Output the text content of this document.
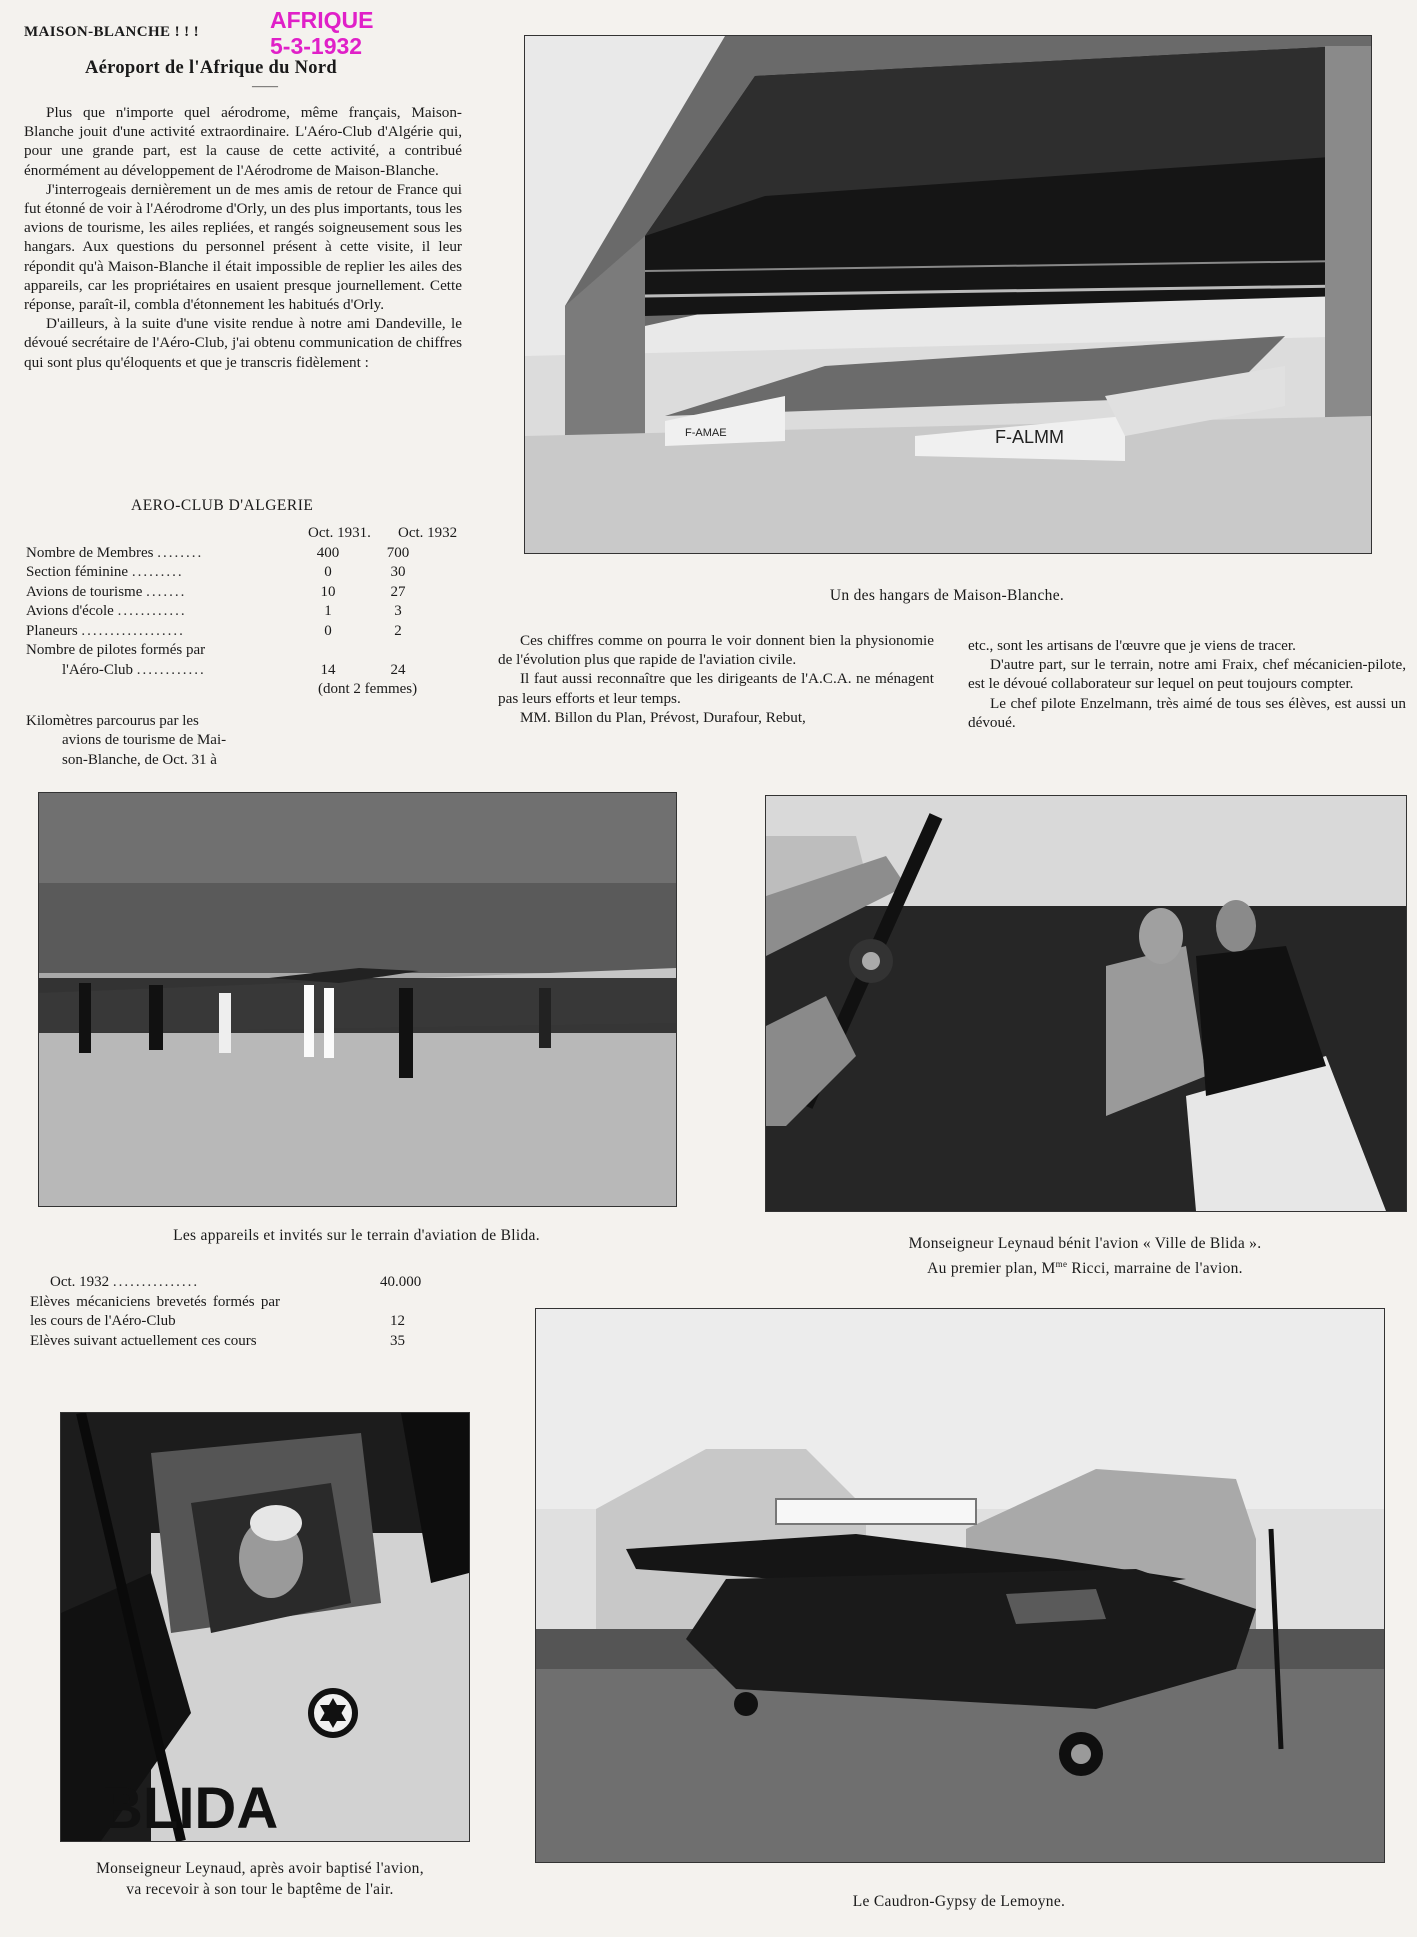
AFRIQUE
5-3-1932
MAISON-BLANCHE ! ! !
Aéroport de l'Afrique du Nord
——

Plus que n'importe quel aérodrome, même français, Maison-Blanche jouit d'une activité extraordinaire. L'Aéro-Club d'Algérie qui, pour une grande part, est la cause de cette activité, a contribué énormément au développement de l'Aérodrome de Maison-Blanche.

J'interrogeais dernièrement un de mes amis de retour de France qui fut étonné de voir à l'Aérodrome d'Orly, un des plus importants, tous les avions de tourisme, les ailes repliées, et rangés soigneusement sous les hangars. Aux questions du personnel présent à cette visite, il leur répondit qu'à Maison-Blanche il était impossible de replier les ailes des appareils, car les propriétaires en usaient presque journellement. Cette réponse, paraît-il, combla d'étonnement les habitués d'Orly.

D'ailleurs, à la suite d'une visite rendue à notre ami Dandeville, le dévoué secrétaire de l'Aéro-Club, j'ai obtenu communication de chiffres qui sont plus qu'éloquents et que je transcris fidèlement :

AERO-CLUB D'ALGERIE
Oct. 1931.	Oct. 1932
Nombre de Membres ........	400	700
Section féminine .........	0	30
Avions de tourisme .......	10	27
Avions d'école ............	1	3
Planeurs ..................	0	2
Nombre de pilotes formés par
l'Aéro-Club ............	14	24
(dont 2 femmes)
Kilomètres parcourus par les
avions de tourisme de Mai-
son-Blanche, de Oct. 31 à
Oct. 1932 ...............	40.000
Elèves mécaniciens brevetés formés par les cours de l'Aéro-Club	12
Elèves suivant actuellement ces cours	35

Ces chiffres comme on pourra le voir donnent bien la physionomie de l'évolution plus que rapide de l'aviation civile.

Il faut aussi reconnaître que les dirigeants de l'A.C.A. ne ménagent pas leurs efforts et leur temps.

MM. Billon du Plan, Prévost, Durafour, Rebut,

etc., sont les artisans de l'œuvre que je viens de tracer.

D'autre part, sur le terrain, notre ami Fraix, chef mécanicien-pilote, est le dévoué collaborateur sur lequel on peut toujours compter.

Le chef pilote Enzelmann, très aimé de tous ses élèves, est aussi un dévoué.

F-AMAE	F-ALMM
Un des hangars de Maison-Blanche.
Les appareils et invités sur le terrain d'aviation de Blida.	Monseigneur Leynaud bénit l'avion « Ville de Blida ».
Au premier plan, $M^{me}$ Ricci, marraine de l'avion.
BLIDA
Monseigneur Leynaud, après avoir baptisé l'avion,
va recevoir à son tour le baptême de l'air.
Le Caudron-Gypsy de Lemoyne.
